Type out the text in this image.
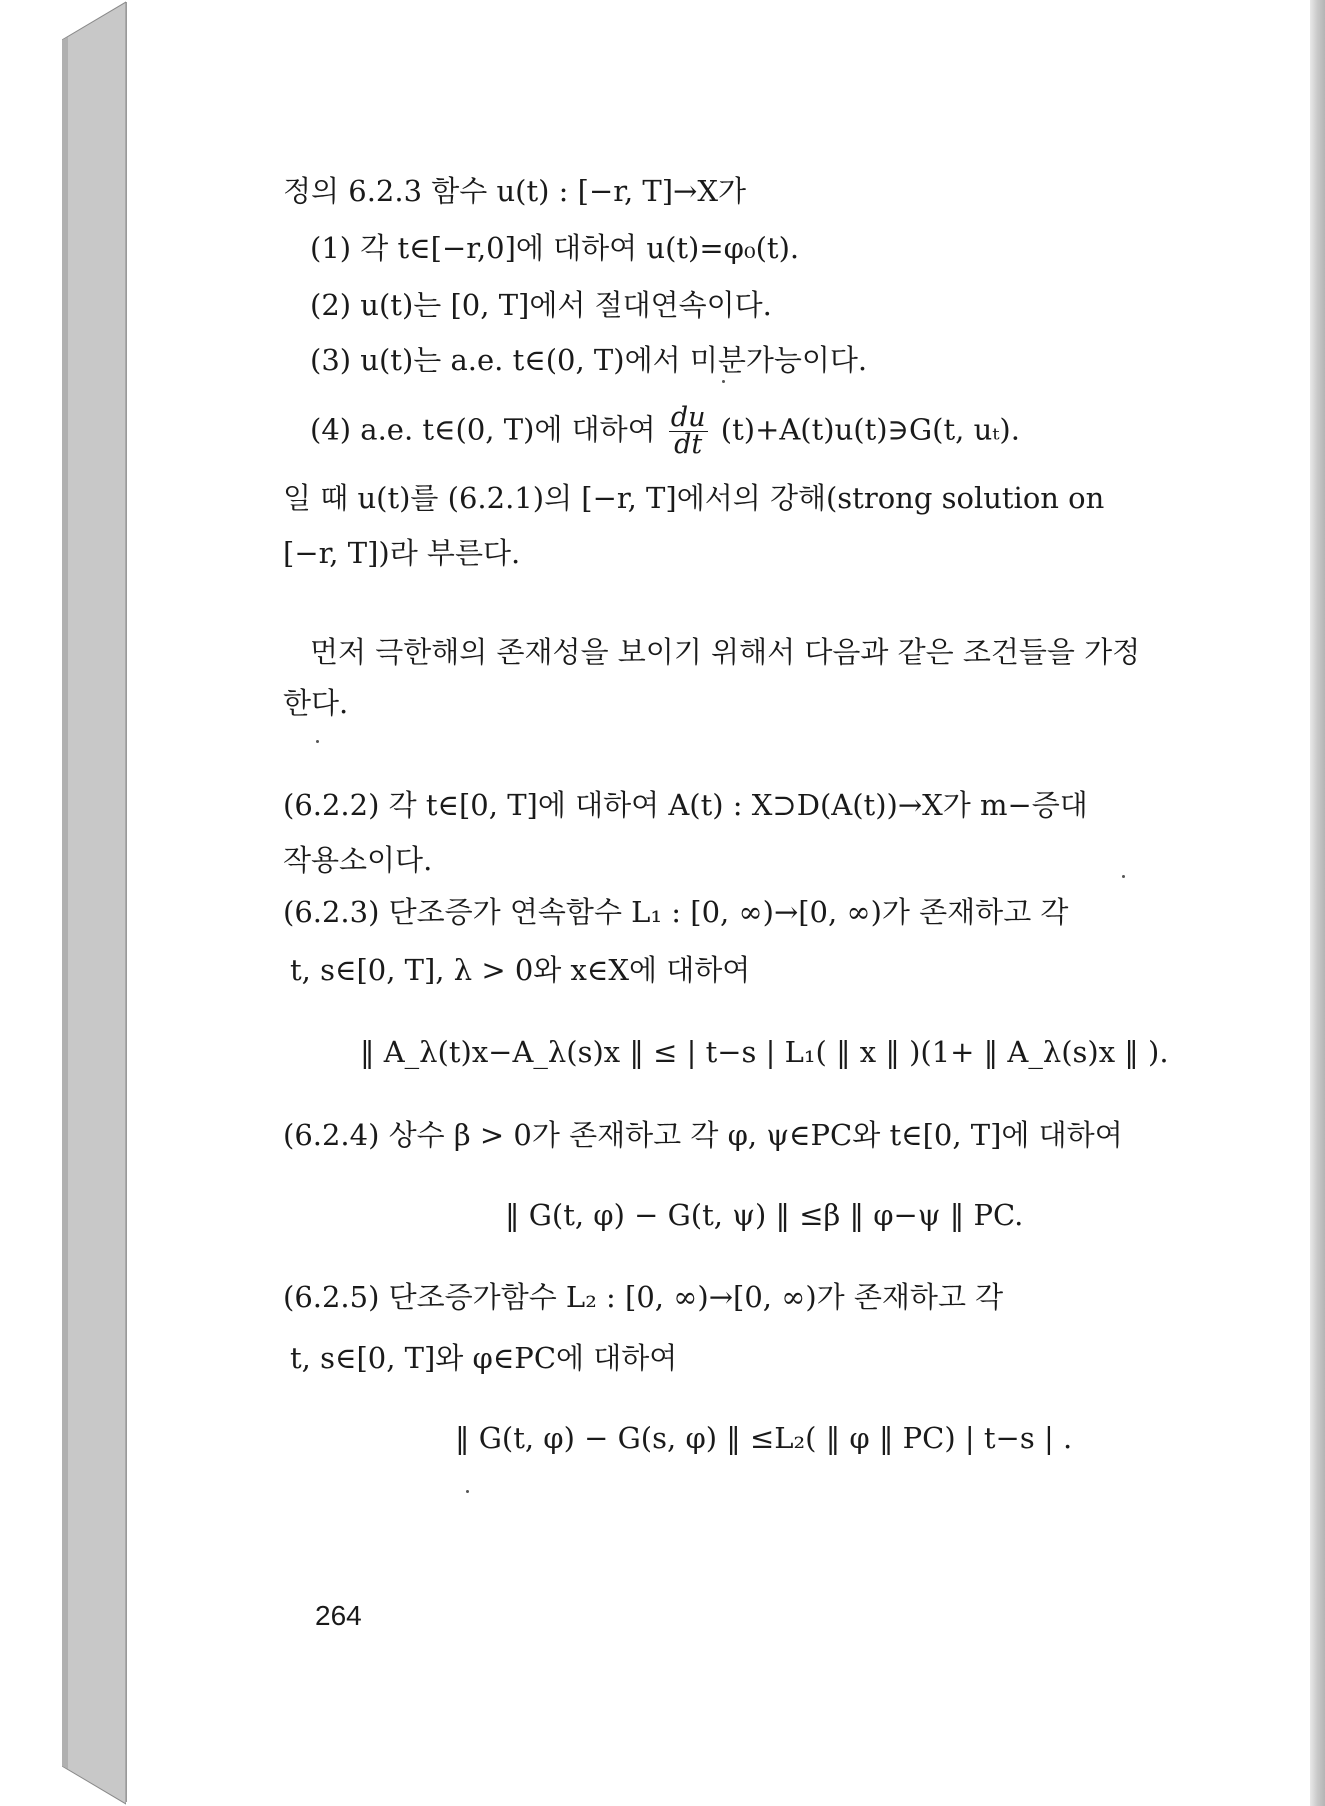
정의 6.2.3 함수 u(t) : [−r, T]→X가
(1) 각 t∈[−r,0]에 대하여 u(t)=φ₀(t).
(2) u(t)는 [0, T]에서 절대연속이다.
(3) u(t)는 a.e. t∈(0, T)에서 미분가능이다.
(4) a.e. t∈(0, T)에 대하여 $\frac{du}{dt}$ (t)+A(t)u(t)∋G(t, uₜ).
일 때 u(t)를 (6.2.1)의 [−r, T]에서의 강해(strong solution on
[−r, T])라 부른다.
먼저 극한해의 존재성을 보이기 위해서 다음과 같은 조건들을 가정
한다.
(6.2.2) 각 t∈[0, T]에 대하여 A(t) : X⊃D(A(t))→X가 m−증대
작용소이다.
(6.2.3) 단조증가 연속함수 L₁ : [0, ∞)→[0, ∞)가 존재하고 각
t, s∈[0, T], λ > 0와 x∈X에 대하여
‖ A_λ(t)x−A_λ(s)x ‖ ≤ | t−s | L₁( ‖ x ‖ )(1+ ‖ A_λ(s)x ‖ ).
(6.2.4) 상수 β > 0가 존재하고 각 φ, ψ∈PC와 t∈[0, T]에 대하여
‖ G(t, φ) − G(t, ψ) ‖ ≤β ‖ φ−ψ ‖ PC.
(6.2.5) 단조증가함수 L₂ : [0, ∞)→[0, ∞)가 존재하고 각
t, s∈[0, T]와 φ∈PC에 대하여
‖ G(t, φ) − G(s, φ) ‖ ≤L₂( ‖ φ ‖ PC) | t−s | .
264
